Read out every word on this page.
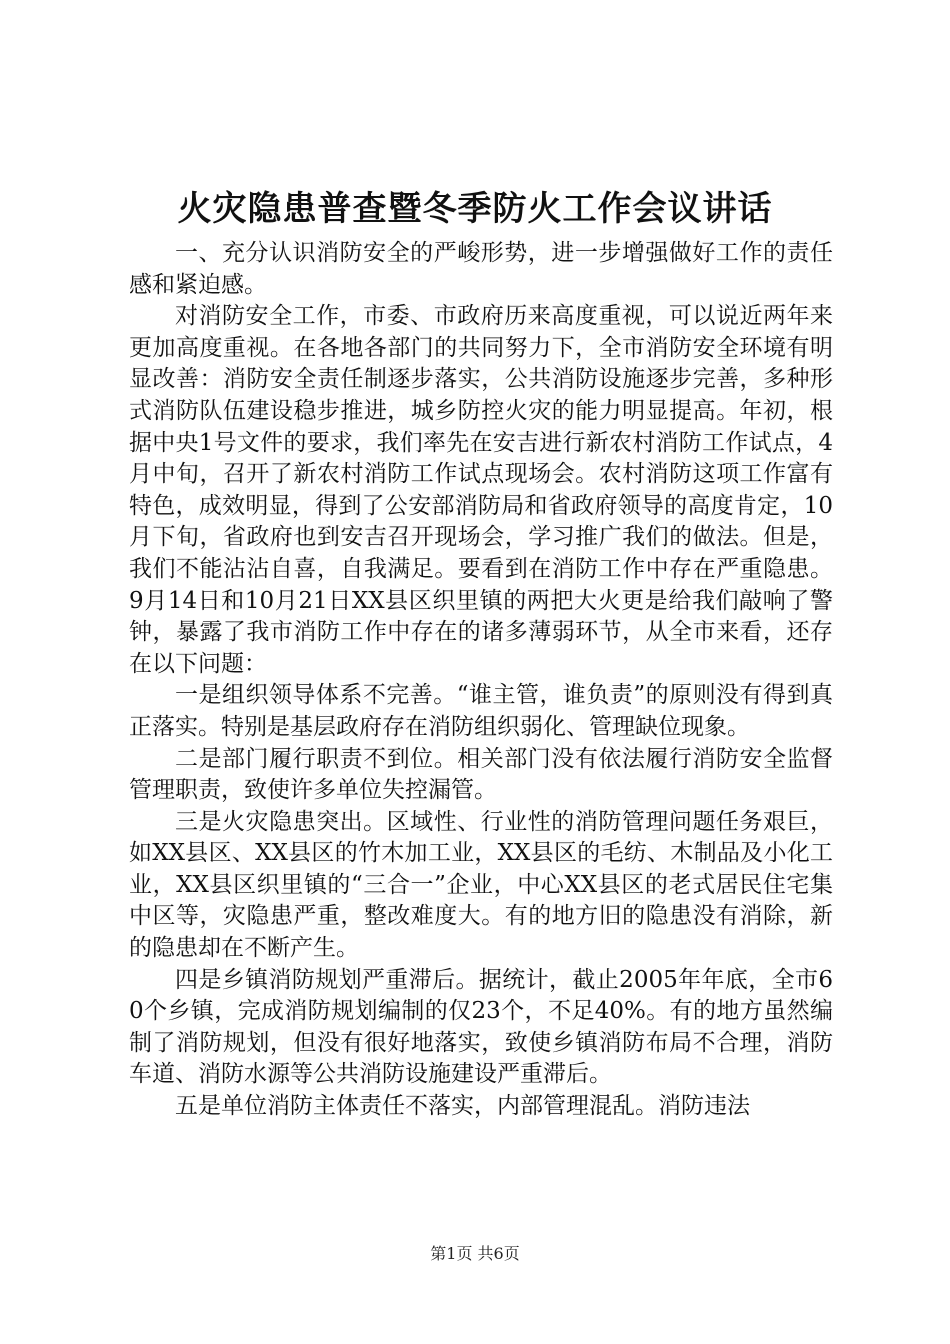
火灾隐患普查暨冬季防火工作会议讲话

一、充分认识消防安全的严峻形势，进一步增强做好工作的责任感和紧迫感。

对消防安全工作，市委、市政府历来高度重视，可以说近两年来更加高度重视。在各地各部门的共同努力下，全市消防安全环境有明显改善：消防安全责任制逐步落实，公共消防设施逐步完善，多种形式消防队伍建设稳步推进，城乡防控火灾的能力明显提高。年初，根据中央1号文件的要求，我们率先在安吉进行新农村消防工作试点，4月中旬，召开了新农村消防工作试点现场会。农村消防这项工作富有特色，成效明显，得到了公安部消防局和省政府领导的高度肯定，10月下旬，省政府也到安吉召开现场会，学习推广我们的做法。但是，我们不能沾沾自喜，自我满足。要看到在消防工作中存在严重隐患。9月14日和10月21日XX县区织里镇的两把大火更是给我们敲响了警钟，暴露了我市消防工作中存在的诸多薄弱环节，从全市来看，还存在以下问题：

一是组织领导体系不完善。“谁主管，谁负责”的原则没有得到真正落实。特别是基层政府存在消防组织弱化、管理缺位现象。

二是部门履行职责不到位。相关部门没有依法履行消防安全监督管理职责，致使许多单位失控漏管。

三是火灾隐患突出。区域性、行业性的消防管理问题任务艰巨，如XX县区、XX县区的竹木加工业，XX县区的毛纺、木制品及小化工业，XX县区织里镇的“三合一”企业，中心XX县区的老式居民住宅集中区等，灾隐患严重，整改难度大。有的地方旧的隐患没有消除，新的隐患却在不断产生。

四是乡镇消防规划严重滞后。据统计，截止2005年年底，全市60个乡镇，完成消防规划编制的仅23个，不足40%。有的地方虽然编制了消防规划，但没有很好地落实，致使乡镇消防布局不合理，消防车道、消防水源等公共消防设施建设严重滞后。

五是单位消防主体责任不落实，内部管理混乱。消防违法

第1页 共6页
